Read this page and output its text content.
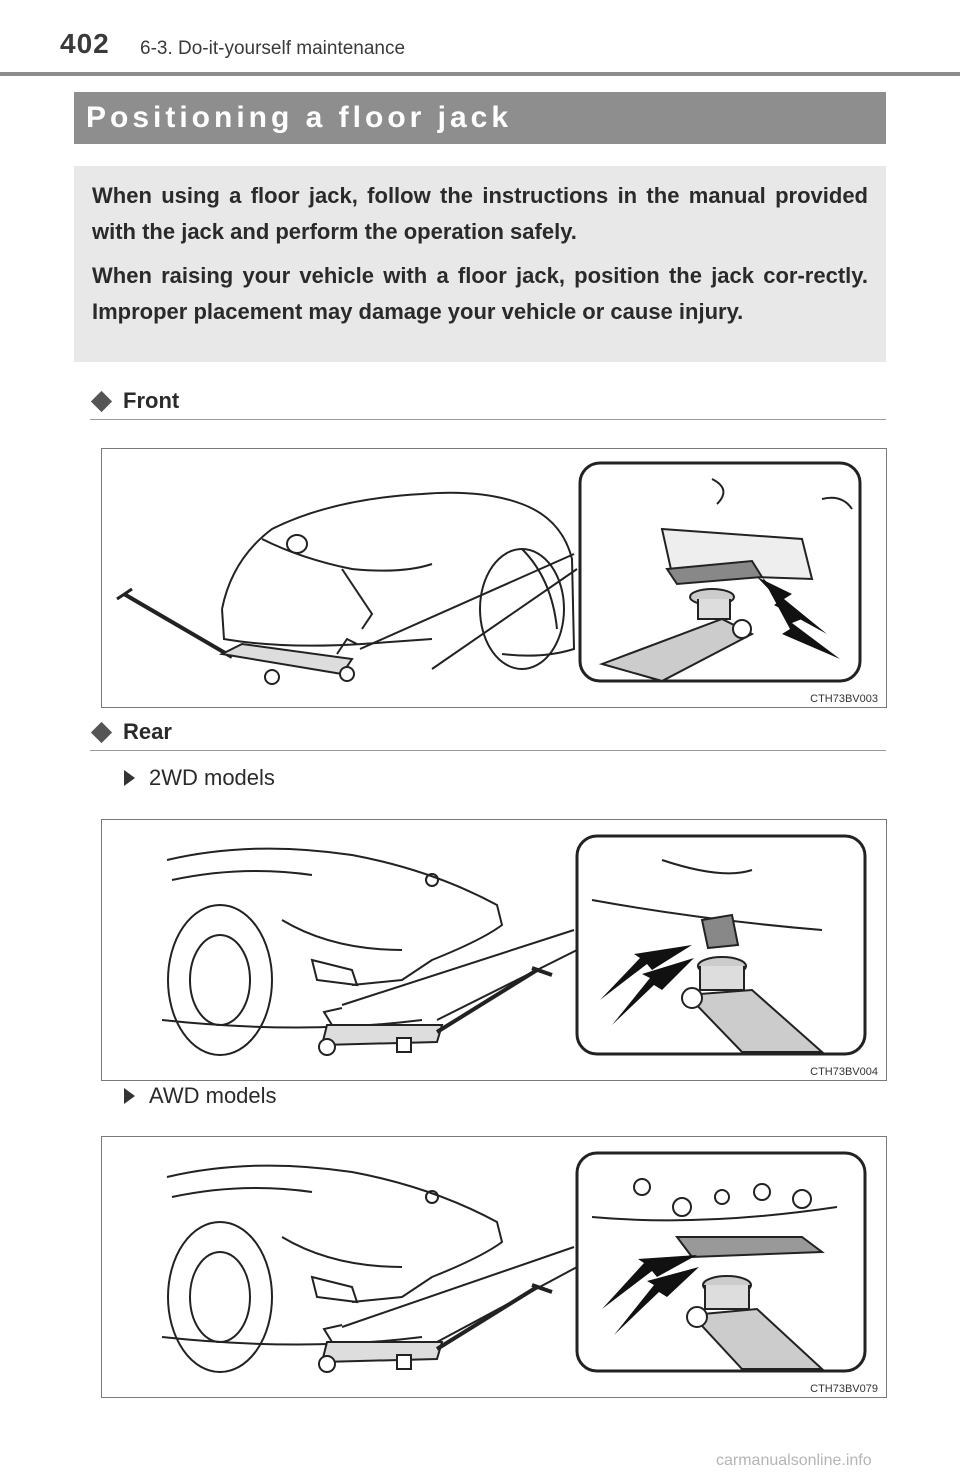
402 6-3. Do-it-yourself maintenance
Positioning a floor jack

When using a floor jack, follow the instructions in the manual provided with the jack and perform the operation safely.

When raising your vehicle with a floor jack, position the jack cor-rectly. Improper placement may damage your vehicle or cause injury.

Front
CTH73BV003
Rear
2WD models
CTH73BV004
AWD models
CTH73BV079
carmanualsonline.info
